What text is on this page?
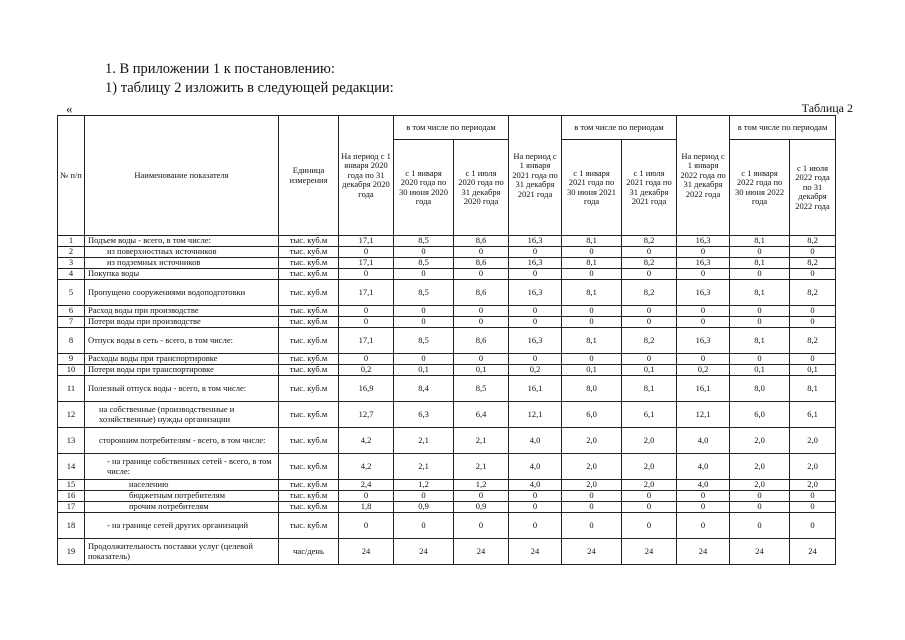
1. В приложении 1 к постановлению:
1) таблицу 2 изложить в следующей редакции:
«	Таблица 2
№ п/п	Наименование показателя	Единица измерения	На период с 1 января 2020 года по 31 декабря 2020 года	в том числе по периодам		На период с 1 января 2021 года по 31 декабря 2021 года	в том числе по периодам		На период с 1 января 2022 года по 31 декабря 2022 года	в том числе по периодам	
				с 1 января 2020 года по 30 июня 2020 года	с 1 июля 2020 года по 31 декабря 2020 года		с 1 января 2021 года по 30 июня 2021 года	с 1 июля 2021 года по 31 декабря 2021 года		с 1 января 2022 года по 30 июня 2022 года	с 1 июля 2022 года по 31 декабря 2022 года
1	Подъем воды - всего, в том числе:	тыс. куб.м	17,1	8,5	8,6	16,3	8,1	8,2	16,3	8,1	8,2
2	из поверхностных источников	тыс. куб.м	0	0	0	0	0	0	0	0	0
3	из подземных источников	тыс. куб.м	17,1	8,5	8,6	16,3	8,1	8,2	16,3	8,1	8,2
4	Покупка воды	тыс. куб.м	0	0	0	0	0	0	0	0	0
5	Пропущено сооружениями водоподготовки	тыс. куб.м	17,1	8,5	8,6	16,3	8,1	8,2	16,3	8,1	8,2
6	Расход воды при производстве	тыс. куб.м	0	0	0	0	0	0	0	0	0
7	Потери воды при производстве	тыс. куб.м	0	0	0	0	0	0	0	0	0
8	Отпуск воды в сеть - всего, в том числе:	тыс. куб.м	17,1	8,5	8,6	16,3	8,1	8,2	16,3	8,1	8,2
9	Расходы воды при транспортировке	тыс. куб.м	0	0	0	0	0	0	0	0	0
10	Потери воды при транспортировке	тыс. куб.м	0,2	0,1	0,1	0,2	0,1	0,1	0,2	0,1	0,1
11	Полезный отпуск воды - всего, в том числе:	тыс. куб.м	16,9	8,4	8,5	16,1	8,0	8,1	16,1	8,0	8,1
12	на собственные (производственные и хозяйственные) нужды организации	тыс. куб.м	12,7	6,3	6,4	12,1	6,0	6,1	12,1	6,0	6,1
13	сторонним потребителям - всего, в том числе:	тыс. куб.м	4,2	2,1	2,1	4,0	2,0	2,0	4,0	2,0	2,0
14	- на границе собственных сетей - всего, в том числе:	тыс. куб.м	4,2	2,1	2,1	4,0	2,0	2,0	4,0	2,0	2,0
15	населению	тыс. куб.м	2,4	1,2	1,2	4,0	2,0	2,0	4,0	2,0	2,0
16	бюджетным потребителям	тыс. куб.м	0	0	0	0	0	0	0	0	0
17	прочим потребителям	тыс. куб.м	1,8	0,9	0,9	0	0	0	0	0	0
18	- на границе сетей других организаций	тыс. куб.м	0	0	0	0	0	0	0	0	0
19	Продолжительность поставки услуг (целевой показатель)	час/день	24	24	24	24	24	24	24	24	24
